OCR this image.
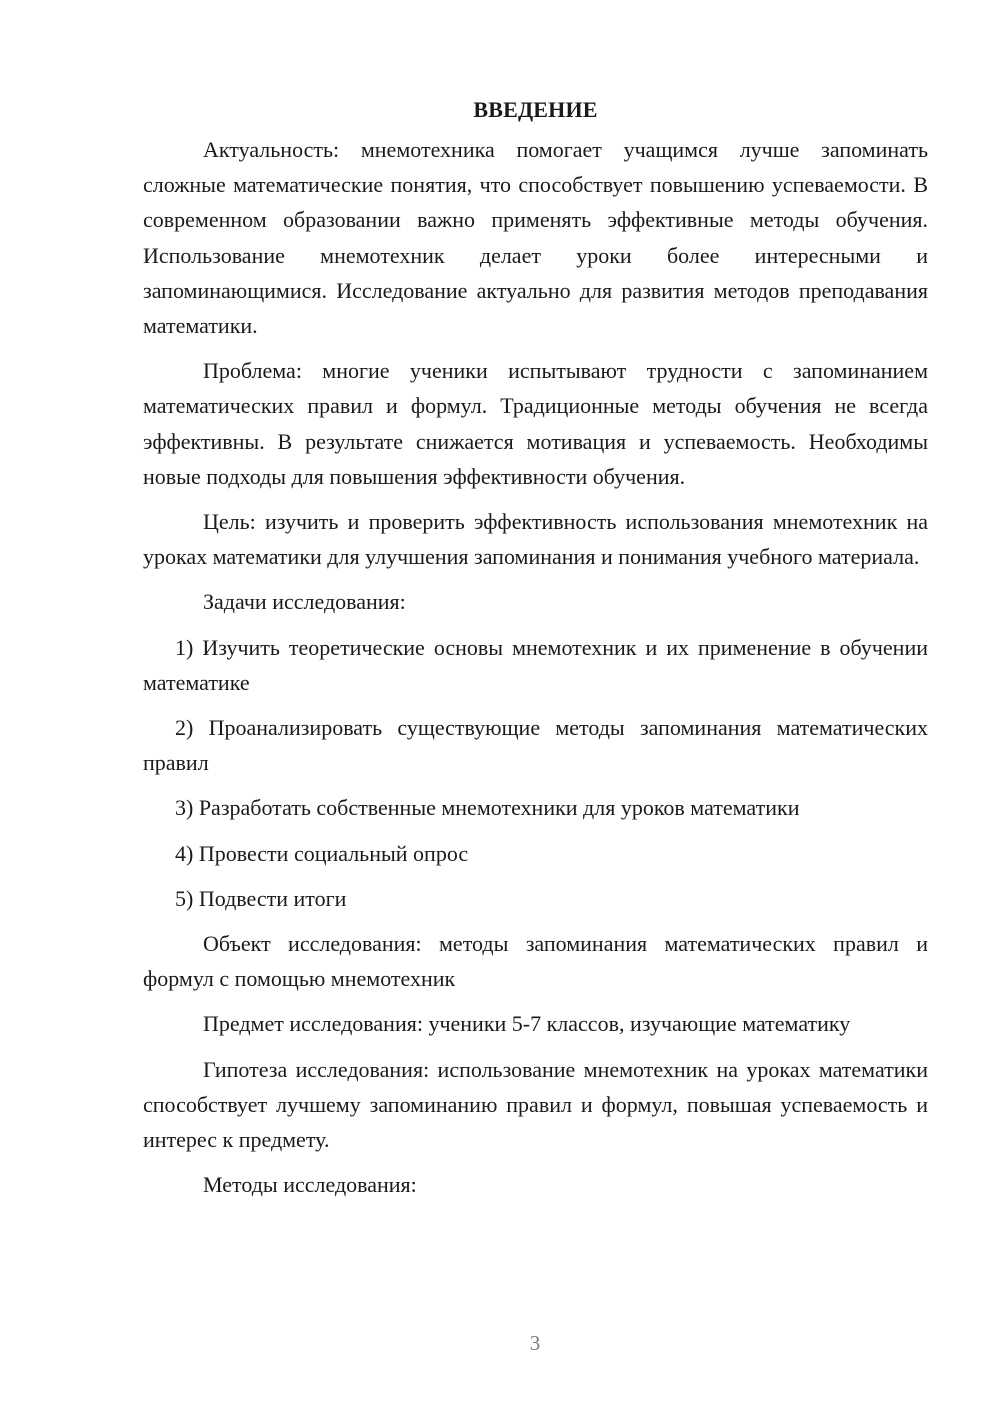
ВВЕДЕНИЕ

Актуальность: мнемотехника помогает учащимся лучше запоминать сложные математические понятия, что способствует повышению успеваемости. В современном образовании важно применять эффективные методы обучения. Использование мнемотехник делает уроки более интересными и запоминающимися. Исследование актуально для развития методов преподавания математики.

Проблема: многие ученики испытывают трудности с запоминанием математических правил и формул. Традиционные методы обучения не всегда эффективны. В результате снижается мотивация и успеваемость. Необходимы новые подходы для повышения эффективности обучения.

Цель: изучить и проверить эффективность использования мнемотехник на уроках математики для улучшения запоминания и понимания учебного материала.

Задачи исследования:

1) Изучить теоретические основы мнемотехник и их применение в обучении математике

2) Проанализировать существующие методы запоминания математических правил

3) Разработать собственные мнемотехники для уроков математики

4) Провести социальный опрос

5) Подвести итоги

Объект исследования: методы запоминания математических правил и формул с помощью мнемотехник

Предмет исследования: ученики 5-7 классов, изучающие математику

Гипотеза исследования: использование мнемотехник на уроках математики способствует лучшему запоминанию правил и формул, повышая успеваемость и интерес к предмету.

Методы исследования:

3
